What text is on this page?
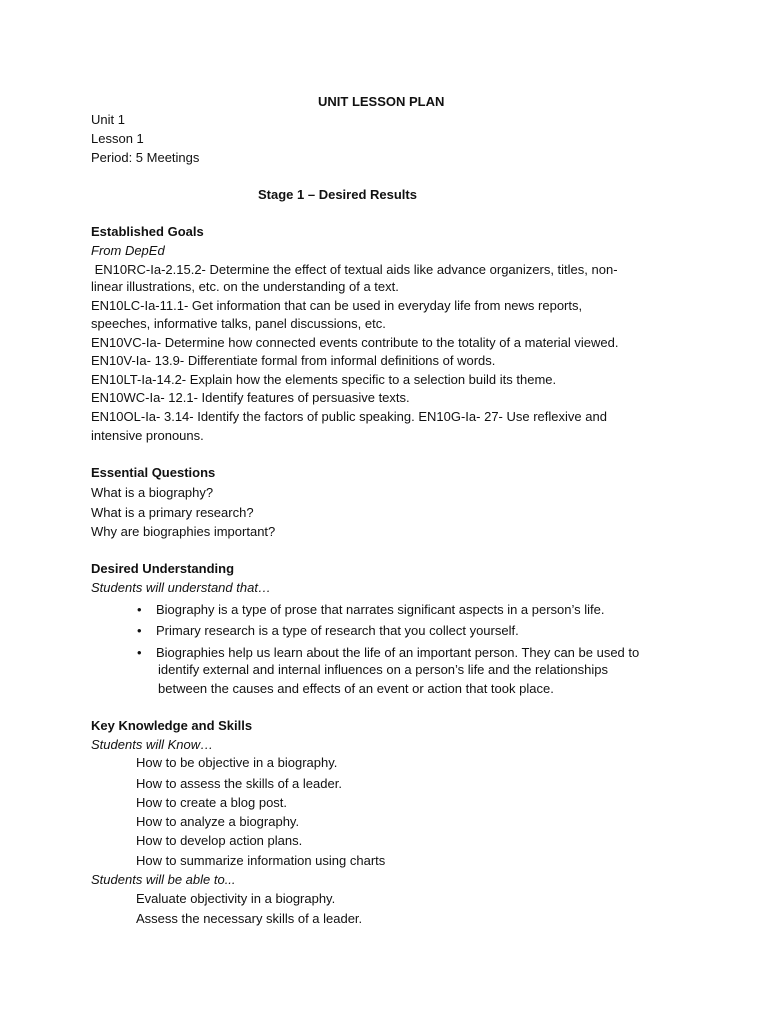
UNIT LESSON PLAN
Unit 1
Lesson 1
Period: 5 Meetings
Stage 1 – Desired Results
Established Goals
From DepEd
EN10RC-Ia-2.15.2- Determine the effect of textual aids like advance organizers, titles, non-
linear illustrations, etc. on the understanding of a text.
EN10LC-Ia-11.1- Get information that can be used in everyday life from news reports,
speeches, informative talks, panel discussions, etc.
EN10VC-Ia- Determine how connected events contribute to the totality of a material viewed.
EN10V-Ia- 13.9- Differentiate formal from informal definitions of words.
EN10LT-Ia-14.2- Explain how the elements specific to a selection build its theme.
EN10WC-Ia- 12.1- Identify features of persuasive texts.
EN10OL-Ia- 3.14- Identify the factors of public speaking. EN10G-Ia- 27- Use reflexive and
intensive pronouns.
Essential Questions
What is a biography?
What is a primary research?
Why are biographies important?
Desired Understanding
Students will understand that…
• Biography is a type of prose that narrates significant aspects in a person’s life.
• Primary research is a type of research that you collect yourself.
• Biographies help us learn about the life of an important person. They can be used to
identify external and internal influences on a person’s life and the relationships
between the causes and effects of an event or action that took place.
Key Knowledge and Skills
Students will Know…
How to be objective in a biography.
How to assess the skills of a leader.
How to create a blog post.
How to analyze a biography.
How to develop action plans.
How to summarize information using charts
Students will be able to...
Evaluate objectivity in a biography.
Assess the necessary skills of a leader.
